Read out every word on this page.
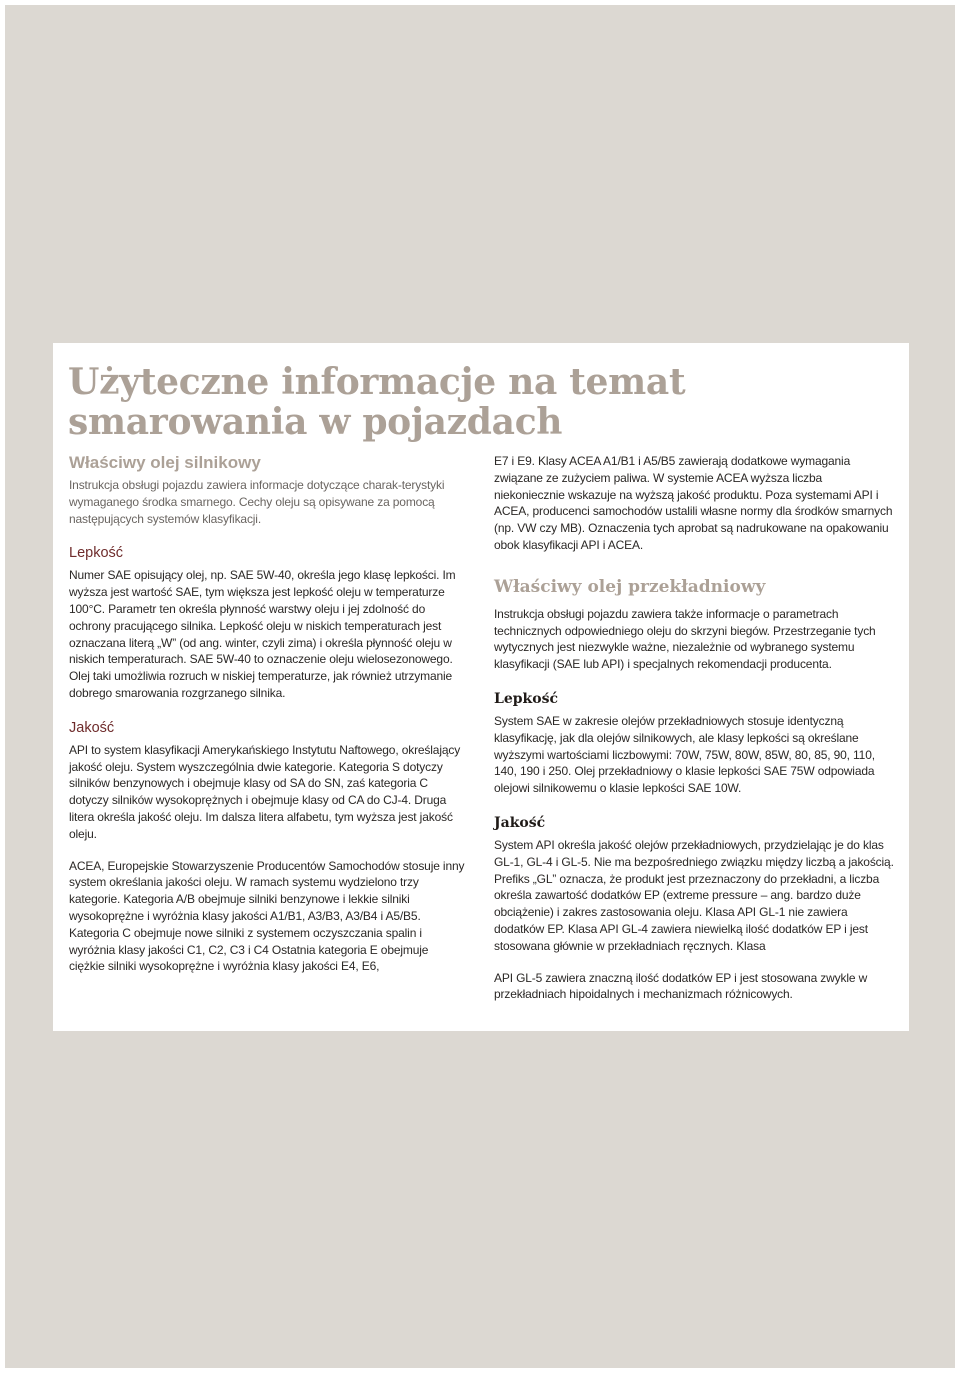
Użyteczne informacje na temat smarowania w pojazdach
Właściwy olej silnikowy

Instrukcja obsługi pojazdu zawiera informacje dotyczące charak-terystyki wymaganego środka smarnego. Cechy oleju są opisywane za pomocą następujących systemów klasyfikacji.

Lepkość

Numer SAE opisujący olej, np. SAE 5W-40, określa jego klasę lepkości. Im wyższa jest wartość SAE, tym większa jest lepkość oleju w temperaturze 100°C. Parametr ten określa płynność warstwy oleju i jej zdolność do ochrony pracującego silnika. Lepkość oleju w niskich temperaturach jest oznaczana literą „W” (od ang. winter, czyli zima) i określa płynność oleju w niskich temperaturach. SAE 5W-40 to oznaczenie oleju wielosezonowego. Olej taki umożliwia rozruch w niskiej temperaturze, jak również utrzymanie dobrego smarowania rozgrzanego silnika.

Jakość

API to system klasyfikacji Amerykańskiego Instytutu Naftowego, określający jakość oleju. System wyszczególnia dwie kategorie. Kategoria S dotyczy silników benzynowych i obejmuje klasy od SA do SN, zaś kategoria C dotyczy silników wysokoprężnych i obejmuje klasy od CA do CJ-4. Druga litera określa jakość oleju. Im dalsza litera alfabetu, tym wyższa jest jakość oleju.

ACEA, Europejskie Stowarzyszenie Producentów Samochodów stosuje inny system określania jakości oleju. W ramach systemu wydzielono trzy kategorie. Kategoria A/B obejmuje silniki benzynowe i lekkie silniki wysokoprężne i wyróżnia klasy jakości A1/B1, A3/B3, A3/B4 i A5/B5. Kategoria C obejmuje nowe silniki z systemem oczyszczania spalin i wyróżnia klasy jakości C1, C2, C3 i C4 Ostatnia kategoria E obejmuje ciężkie silniki wysokoprężne i wyróżnia klasy jakości E4, E6,

E7 i E9. Klasy ACEA A1/B1 i A5/B5 zawierają dodatkowe wymagania związane ze zużyciem paliwa. W systemie ACEA wyższa liczba niekoniecznie wskazuje na wyższą jakość produktu. Poza systemami API i ACEA, producenci samochodów ustalili własne normy dla środków smarnych (np. VW czy MB). Oznaczenia tych aprobat są nadrukowane na opakowaniu obok klasyfikacji API i ACEA.

Właściwy olej przekładniowy

Instrukcja obsługi pojazdu zawiera także informacje o parametrach technicznych odpowiedniego oleju do skrzyni biegów. Przestrzeganie tych wytycznych jest niezwykle ważne, niezależnie od wybranego systemu klasyfikacji (SAE lub API) i specjalnych rekomendacji producenta.

Lepkość

System SAE w zakresie olejów przekładniowych stosuje identyczną klasyfikację, jak dla olejów silnikowych, ale klasy lepkości są określane wyższymi wartościami liczbowymi: 70W, 75W, 80W, 85W, 80, 85, 90, 110, 140, 190 i 250. Olej przekładniowy o klasie lepkości SAE 75W odpowiada olejowi silnikowemu o klasie lepkości SAE 10W.

Jakość

System API określa jakość olejów przekładniowych, przydzielając je do klas GL-1, GL-4 i GL-5. Nie ma bezpośredniego związku między liczbą a jakością. Prefiks „GL” oznacza, że produkt jest przeznaczony do przekładni, a liczba określa zawartość dodatków EP (extreme pressure – ang. bardzo duże obciążenie) i zakres zastosowania oleju. Klasa API GL-1 nie zawiera dodatków EP. Klasa API GL-4 zawiera niewielką ilość dodatków EP i jest stosowana głównie w przekładniach ręcznych. Klasa

API GL-5 zawiera znaczną ilość dodatków EP i jest stosowana zwykle w przekładniach hipoidalnych i mechanizmach różnicowych.
